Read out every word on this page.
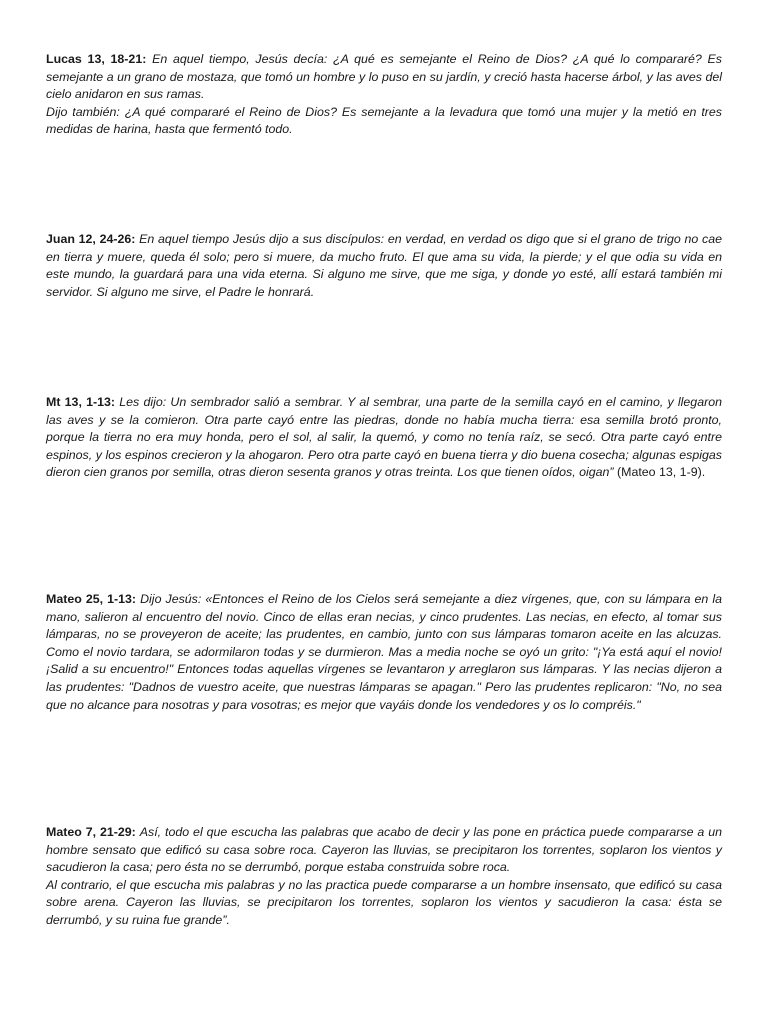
Lucas 13, 18-21: En aquel tiempo, Jesús decía: ¿A qué es semejante el Reino de Dios? ¿A qué lo compararé? Es semejante a un grano de mostaza, que tomó un hombre y lo puso en su jardín, y creció hasta hacerse árbol, y las aves del cielo anidaron en sus ramas.

Dijo también: ¿A qué compararé el Reino de Dios? Es semejante a la levadura que tomó una mujer y la metió en tres medidas de harina, hasta que fermentó todo.

Juan 12, 24-26: En aquel tiempo Jesús dijo a sus discípulos: en verdad, en verdad os digo que si el grano de trigo no cae en tierra y muere, queda él solo; pero si muere, da mucho fruto. El que ama su vida, la pierde; y el que odia su vida en este mundo, la guardará para una vida eterna. Si alguno me sirve, que me siga, y donde yo esté, allí estará también mi servidor. Si alguno me sirve, el Padre le honrará.

Mt 13, 1-13: Les dijo: Un sembrador salió a sembrar. Y al sembrar, una parte de la semilla cayó en el camino, y llegaron las aves y se la comieron. Otra parte cayó entre las piedras, donde no había mucha tierra: esa semilla brotó pronto, porque la tierra no era muy honda, pero el sol, al salir, la quemó, y como no tenía raíz, se secó. Otra parte cayó entre espinos, y los espinos crecieron y la ahogaron. Pero otra parte cayó en buena tierra y dio buena cosecha; algunas espigas dieron cien granos por semilla, otras dieron sesenta granos y otras treinta. Los que tienen oídos, oigan” (Mateo 13, 1-9).

Mateo 25, 1-13: Dijo Jesús: «Entonces el Reino de los Cielos será semejante a diez vírgenes, que, con su lámpara en la mano, salieron al encuentro del novio. Cinco de ellas eran necias, y cinco prudentes. Las necias, en efecto, al tomar sus lámparas, no se proveyeron de aceite; las prudentes, en cambio, junto con sus lámparas tomaron aceite en las alcuzas. Como el novio tardara, se adormilaron todas y se durmieron. Mas a media noche se oyó un grito: "¡Ya está aquí el novio! ¡Salid a su encuentro!" Entonces todas aquellas vírgenes se levantaron y arreglaron sus lámparas. Y las necias dijeron a las prudentes: "Dadnos de vuestro aceite, que nuestras lámparas se apagan." Pero las prudentes replicaron: "No, no sea que no alcance para nosotras y para vosotras; es mejor que vayáis donde los vendedores y os lo compréis."

Mateo 7, 21-29: Así, todo el que escucha las palabras que acabo de decir y las pone en práctica puede compararse a un hombre sensato que edificó su casa sobre roca. Cayeron las lluvias, se precipitaron los torrentes, soplaron los vientos y sacudieron la casa; pero ésta no se derrumbó, porque estaba construida sobre roca.

Al contrario, el que escucha mis palabras y no las practica puede compararse a un hombre insensato, que edificó su casa sobre arena. Cayeron las lluvias, se precipitaron los torrentes, soplaron los vientos y sacudieron la casa: ésta se derrumbó, y su ruina fue grande”.
